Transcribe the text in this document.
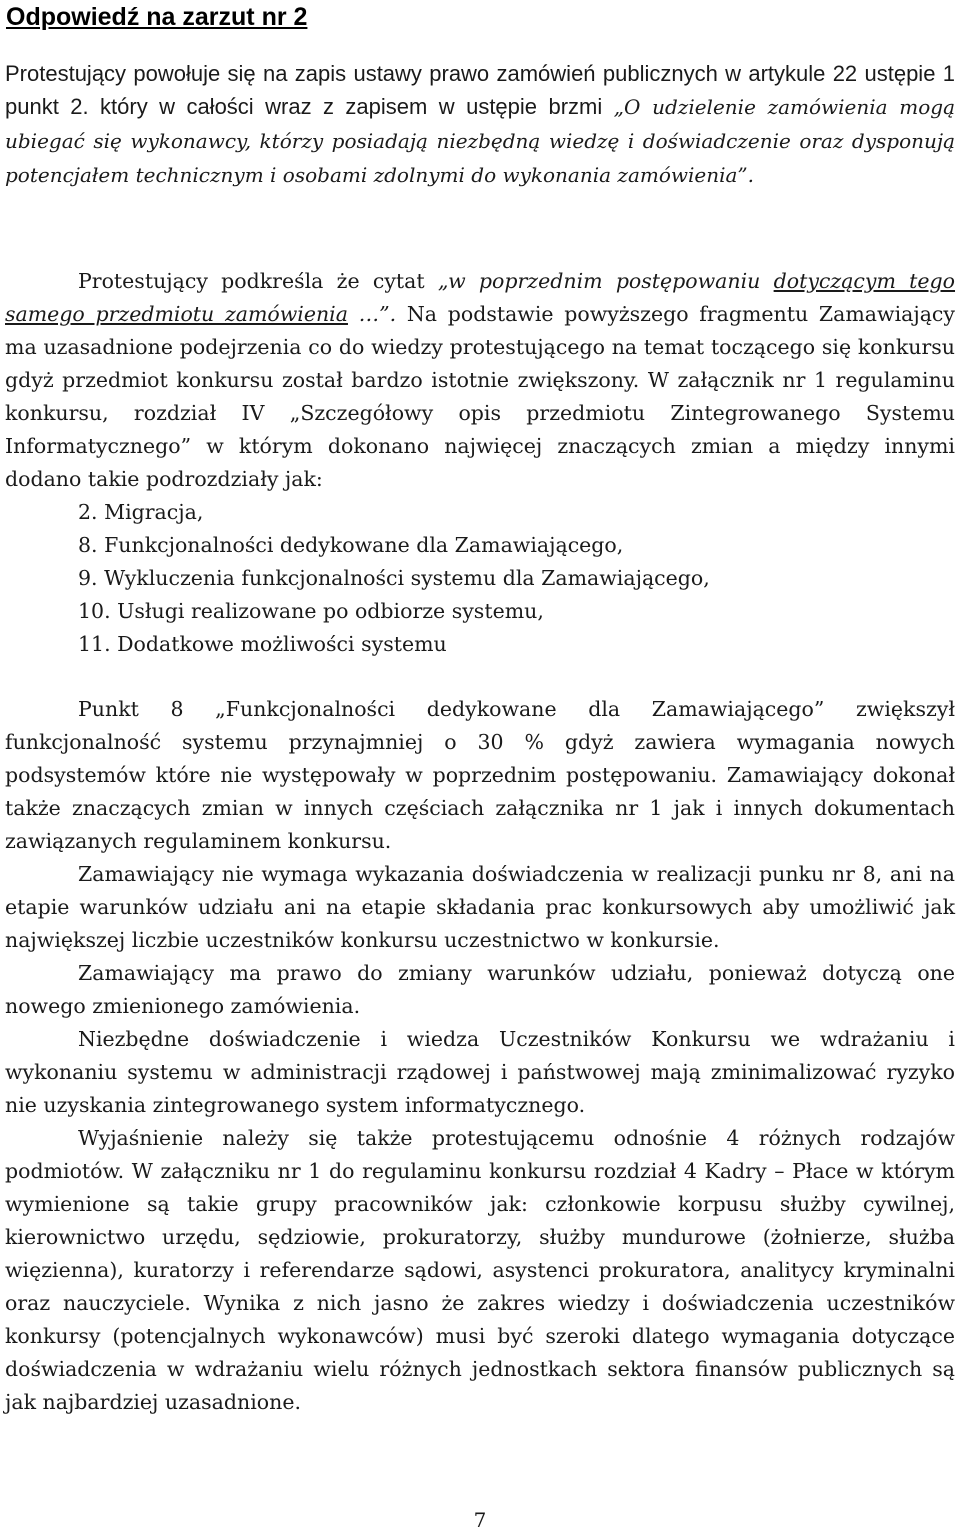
Odpowiedź na zarzut nr 2

Protestujący powołuje się na zapis ustawy prawo zamówień publicznych w artykule 22 ustępie 1 punkt 2. który w całości wraz z zapisem w ustępie brzmi „O udzielenie zamówienia mogą ubiegać się wykonawcy, którzy posiadają niezbędną wiedzę i doświadczenie oraz dysponują potencjałem technicznym i osobami zdolnymi do wykonania zamówienia”.

Protestujący podkreśla że cytat „w poprzednim postępowaniu dotyczącym tego samego przedmiotu zamówienia …”. Na podstawie powyższego fragmentu Zamawiający ma uzasadnione podejrzenia co do wiedzy protestującego na temat toczącego się konkursu gdyż przedmiot konkursu został bardzo istotnie zwiększony. W załącznik nr 1 regulaminu konkursu, rozdział IV „Szczegółowy opis przedmiotu Zintegrowanego Systemu Informatycznego” w którym dokonano najwięcej znaczących zmian a między innymi dodano takie podrozdziały jak:

2. Migracja,
8. Funkcjonalności dedykowane dla Zamawiającego,
9. Wykluczenia funkcjonalności systemu dla Zamawiającego,
10. Usługi realizowane po odbiorze systemu,
11. Dodatkowe możliwości systemu

Punkt 8 „Funkcjonalności dedykowane dla Zamawiającego” zwiększył funkcjonalność systemu przynajmniej o 30 % gdyż zawiera wymagania nowych podsystemów które nie występowały w poprzednim postępowaniu. Zamawiający dokonał także znaczących zmian w innych częściach załącznika nr 1 jak i innych dokumentach zawiązanych regulaminem konkursu.

Zamawiający nie wymaga wykazania doświadczenia w realizacji punku nr 8, ani na etapie warunków udziału ani na etapie składania prac konkursowych aby umożliwić jak największej liczbie uczestników konkursu uczestnictwo w konkursie.

Zamawiający ma prawo do zmiany warunków udziału, ponieważ dotyczą one nowego zmienionego zamówienia.

Niezbędne doświadczenie i wiedza Uczestników Konkursu we wdrażaniu i wykonaniu systemu w administracji rządowej i państwowej mają zminimalizować ryzyko nie uzyskania zintegrowanego system informatycznego.

Wyjaśnienie należy się także protestującemu odnośnie 4 różnych rodzajów podmiotów. W załączniku nr 1 do regulaminu konkursu rozdział 4 Kadry – Płace w którym wymienione są takie grupy pracowników jak: członkowie korpusu służby cywilnej, kierownictwo urzędu, sędziowie, prokuratorzy, służby mundurowe (żołnierze, służba więzienna), kuratorzy i referendarze sądowi, asystenci prokuratora, analitycy kryminalni oraz nauczyciele. Wynika z nich jasno że zakres wiedzy i doświadczenia uczestników konkursy (potencjalnych wykonawców) musi być szeroki dlatego wymagania dotyczące doświadczenia w wdrażaniu wielu różnych jednostkach sektora finansów publicznych są jak najbardziej uzasadnione.

7
